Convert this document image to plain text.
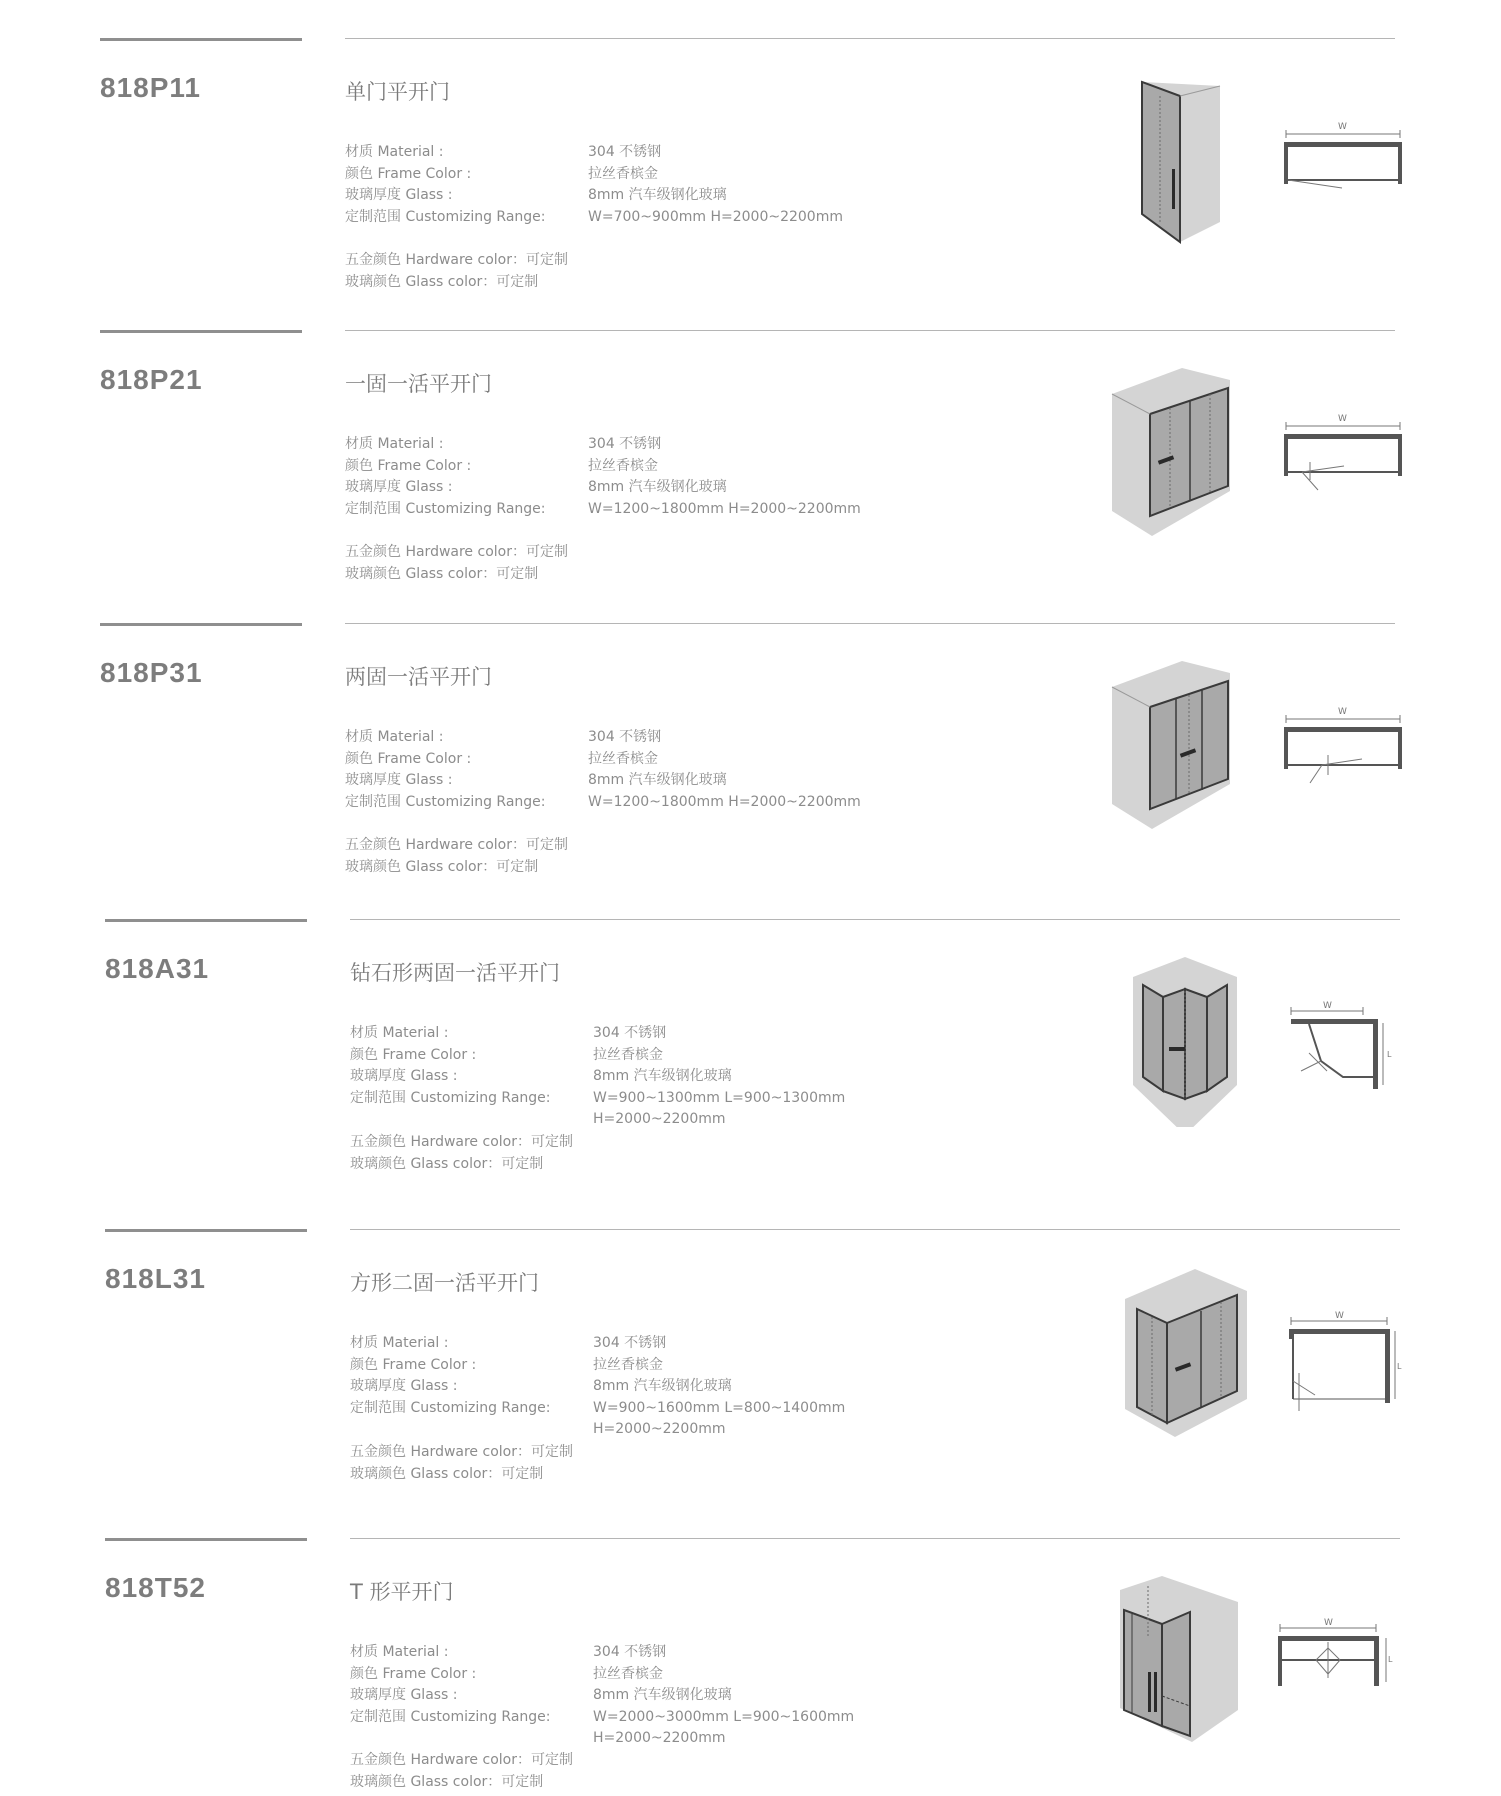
818P11	单门平开门
材质 Material :	304 不锈钢
颜色 Frame Color :	拉丝香槟金
玻璃厚度 Glass :	8mm 汽车级钢化玻璃
定制范围 Customizing Range:	W=700~900mm H=2000~2200mm
五金颜色 Hardware color：可定制
玻璃颜色 Glass color：可定制
W
818P21	一固一活平开门
材质 Material :	304 不锈钢
颜色 Frame Color :	拉丝香槟金
玻璃厚度 Glass :	8mm 汽车级钢化玻璃
定制范围 Customizing Range:	W=1200~1800mm H=2000~2200mm
五金颜色 Hardware color：可定制
玻璃颜色 Glass color：可定制
W
818P31	两固一活平开门
材质 Material :	304 不锈钢
颜色 Frame Color :	拉丝香槟金
玻璃厚度 Glass :	8mm 汽车级钢化玻璃
定制范围 Customizing Range:	W=1200~1800mm H=2000~2200mm
五金颜色 Hardware color：可定制
玻璃颜色 Glass color：可定制
W
818A31	钻石形两固一活平开门
材质 Material :	304 不锈钢
颜色 Frame Color :	拉丝香槟金
玻璃厚度 Glass :	8mm 汽车级钢化玻璃
定制范围 Customizing Range:	W=900~1300mm L=900~1300mm
H=2000~2200mm
五金颜色 Hardware color：可定制
玻璃颜色 Glass color：可定制
W
L
818L31	方形二固一活平开门
材质 Material :	304 不锈钢
颜色 Frame Color :	拉丝香槟金
玻璃厚度 Glass :	8mm 汽车级钢化玻璃
定制范围 Customizing Range:	W=900~1600mm L=800~1400mm
H=2000~2200mm
五金颜色 Hardware color：可定制
玻璃颜色 Glass color：可定制
W
L
818T52	T 形平开门
材质 Material :	304 不锈钢
颜色 Frame Color :	拉丝香槟金
玻璃厚度 Glass :	8mm 汽车级钢化玻璃
定制范围 Customizing Range:	W=2000~3000mm L=900~1600mm
H=2000~2200mm
五金颜色 Hardware color：可定制
玻璃颜色 Glass color：可定制
W
L
